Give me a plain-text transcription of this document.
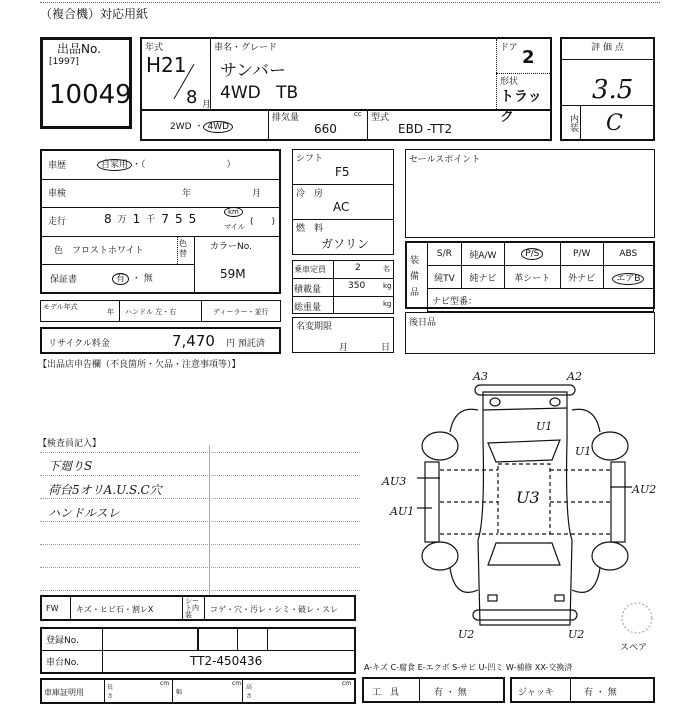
（複合機）対応用紙
出品No.
[1997]
10049
年式
H21
8 月
車名・グレード
サンバー
4WD TB
ドア 2
形状
トラック
2WD ・ 4WD
排気量	cc
660
型式
EBD -TT2
評 価 点
3.5
内装 C
車歴	自家用 ・（　　　　　　　　　）
車検	年	月
走行	8 万 1 千 7 5 5	km
マイル (　　)
色　 フロストホワイト
色替
カラーNo.
59M
保証書	有 ・ 無
モデル年式
年 ハンドル 左・右	ディーラー・並行
リサイクル料金	7,470 円 預託済
【出品店申告欄（不良箇所・欠品・注意事項等）】
シフト
F5
冷　房
AC
燃　料
ガソリン
乗車定員	2	名
積載量	350	kg
総重量	kg
名変期限
月	日
セールスポイント
装備品
S/R	純A/W	P/S	P/W	ABS
純TV	純ナビ	革シート	外ナビ	エアB
ナビ型番：				
後日品
【検査員記入】
下廻りS
荷台5オリA.U.S.C穴
ハンドルスレ
FW キズ・ヒビ石・割レX
シート内装
コゲ・穴・汚レ・シミ・破レ・スレ
登録No.
車台No.	TT2-450436
車庫証明用
長さ
cm
幅
cm
高さ
cm
A3	A2
U1
U1
AU3
AU1
AU2
U3
U2	U2
スペア
A-キズ C-腐食 E-エクボ S-サビ U-凹ミ W-補修 XX-交換済
工　具	有 ・ 無	ジャッキ	有 ・ 無
